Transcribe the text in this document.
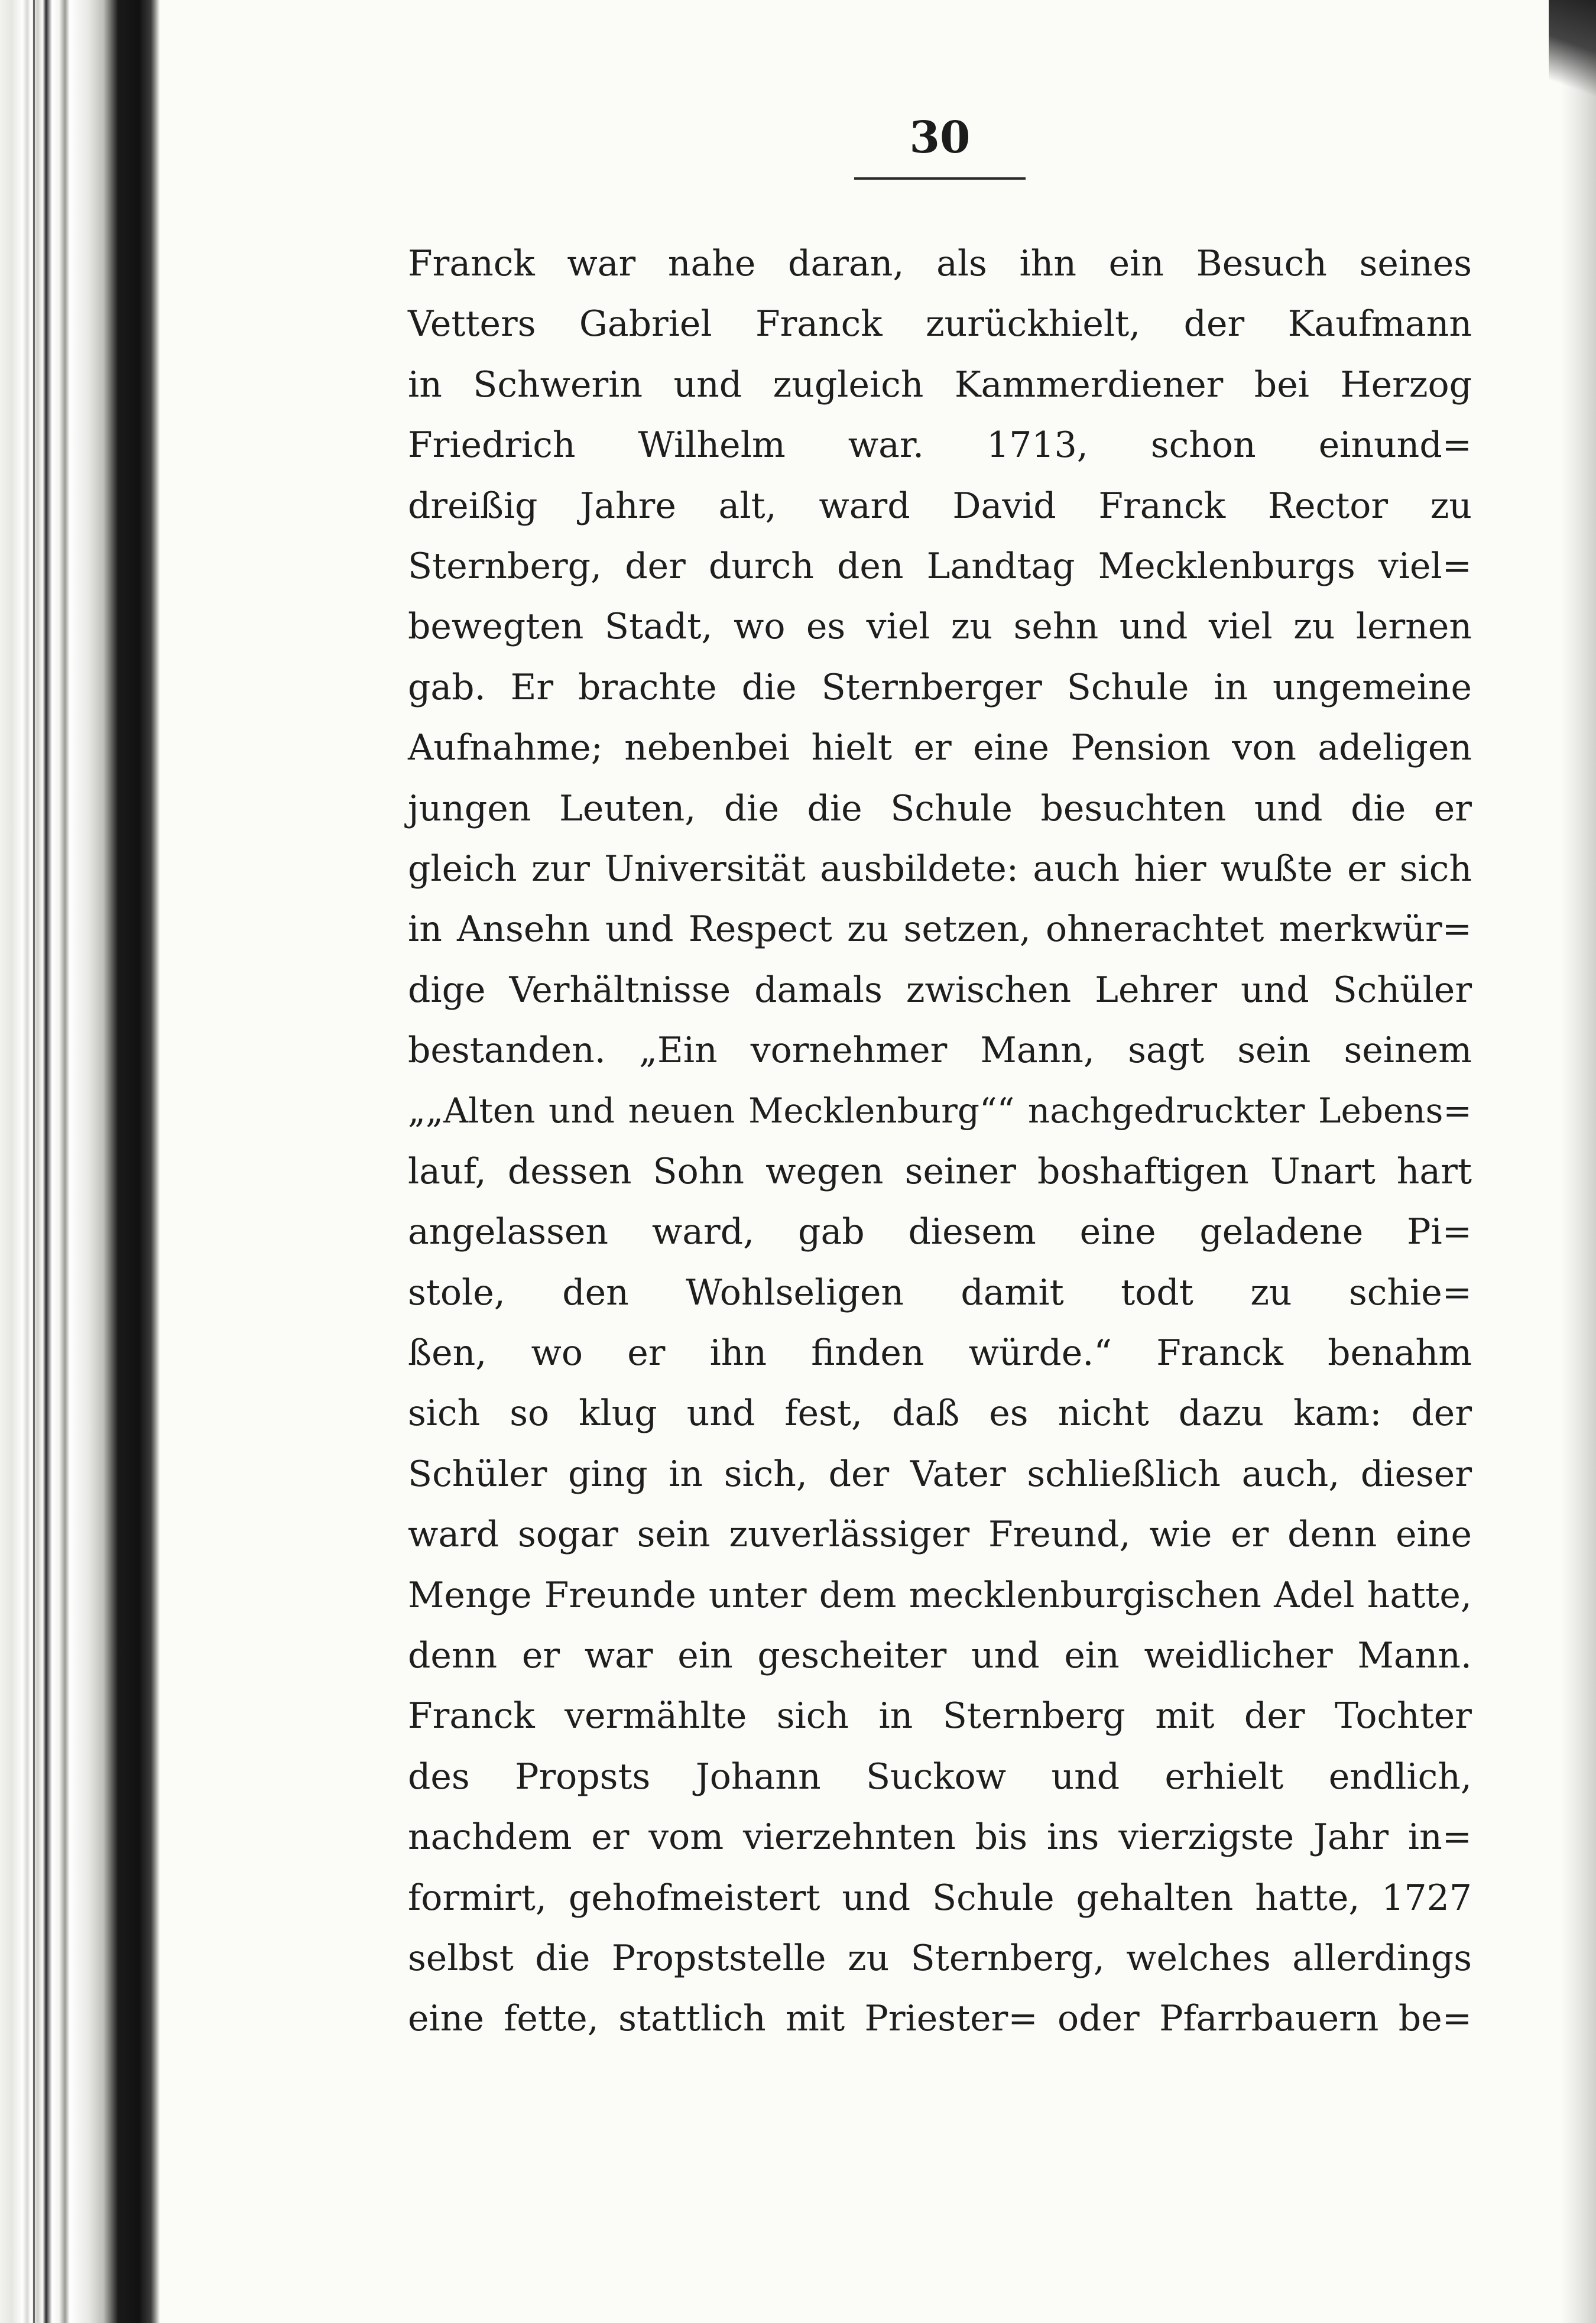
30
Franck war nahe daran, als ihn ein Besuch seines
Vetters Gabriel Franck zurückhielt, der Kaufmann
in Schwerin und zugleich Kammerdiener bei Herzog
Friedrich Wilhelm war. 1713, schon einund=
dreißig Jahre alt, ward David Franck Rector zu
Sternberg, der durch den Landtag Mecklenburgs viel=
bewegten Stadt, wo es viel zu sehn und viel zu lernen
gab. Er brachte die Sternberger Schule in ungemeine
Aufnahme; nebenbei hielt er eine Pension von adeligen
jungen Leuten, die die Schule besuchten und die er
gleich zur Universität ausbildete: auch hier wußte er sich
in Ansehn und Respect zu setzen, ohnerachtet merkwür=
dige Verhältnisse damals zwischen Lehrer und Schüler
bestanden. „Ein vornehmer Mann, sagt sein seinem
„„Alten und neuen Mecklenburg““ nachgedruckter Lebens=
lauf, dessen Sohn wegen seiner boshaftigen Unart hart
angelassen ward, gab diesem eine geladene Pi=
stole, den Wohlseligen damit todt zu schie=
ßen, wo er ihn finden würde.“ Franck benahm
sich so klug und fest, daß es nicht dazu kam: der
Schüler ging in sich, der Vater schließlich auch, dieser
ward sogar sein zuverlässiger Freund, wie er denn eine
Menge Freunde unter dem mecklenburgischen Adel hatte,
denn er war ein gescheiter und ein weidlicher Mann.
Franck vermählte sich in Sternberg mit der Tochter
des Propsts Johann Suckow und erhielt endlich,
nachdem er vom vierzehnten bis ins vierzigste Jahr in=
formirt, gehofmeistert und Schule gehalten hatte, 1727
selbst die Propststelle zu Sternberg, welches allerdings
eine fette, stattlich mit Priester= oder Pfarrbauern be=
